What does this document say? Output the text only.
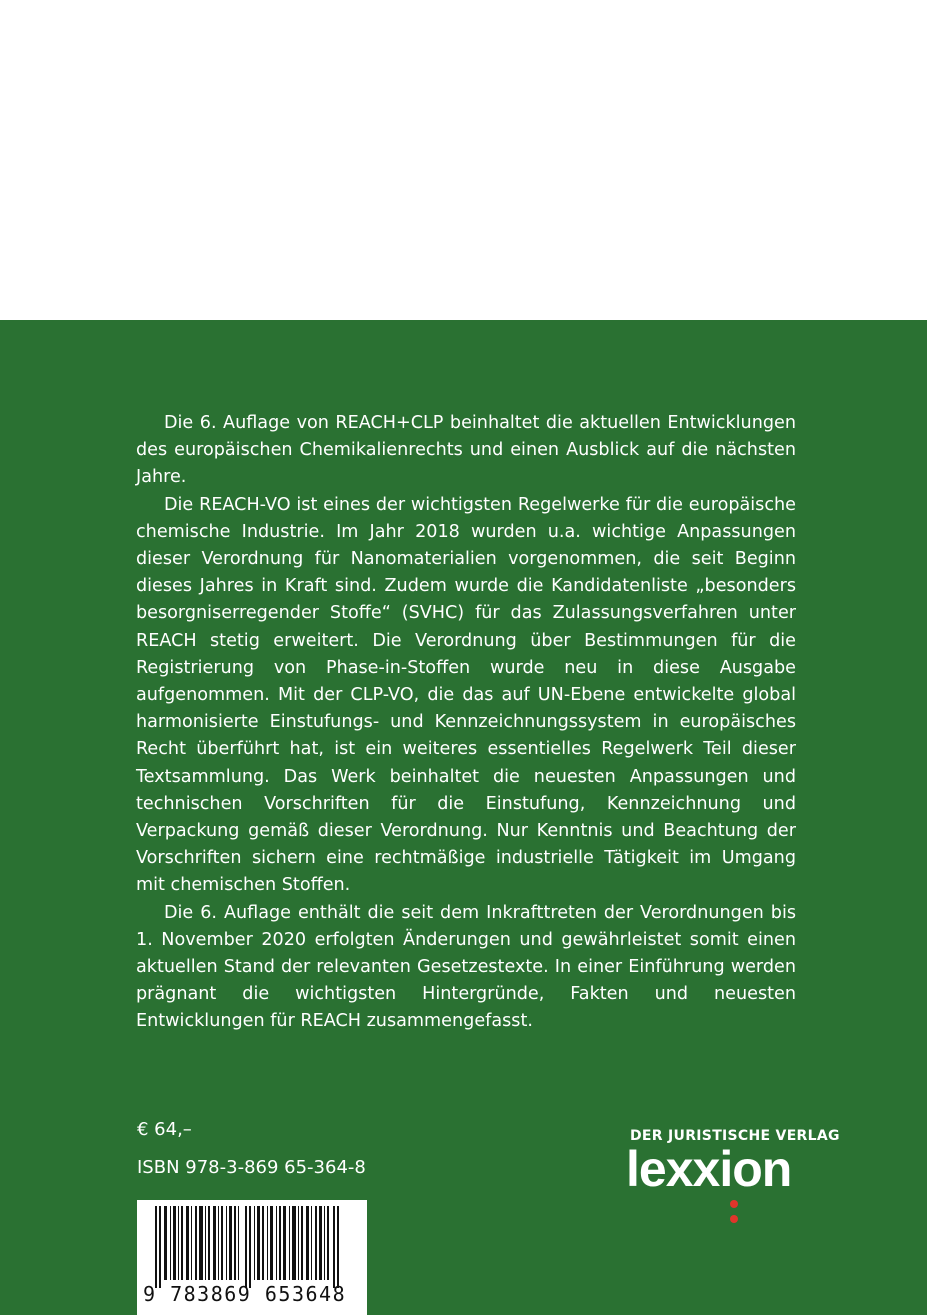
Die 6. Auflage von REACH+CLP beinhaltet die aktuellen Entwicklungen des europäischen Chemikalienrechts und einen Ausblick auf die nächsten Jahre.

Die REACH-VO ist eines der wichtigsten Regelwerke für die europäische chemische Industrie. Im Jahr 2018 wurden u.a. wichtige Anpassungen dieser Verordnung für Nanomaterialien vorgenommen, die seit Beginn dieses Jahres in Kraft sind. Zudem wurde die Kandidatenliste „besonders besorgniserregender Stoffe“ (SVHC) für das Zulassungsverfahren unter REACH stetig erweitert. Die Verordnung über Bestimmungen für die Registrierung von Phase-in-Stoffen wurde neu in diese Ausgabe aufgenommen. Mit der CLP-VO, die das auf UN-Ebene entwickelte global harmonisierte Einstufungs- und Kennzeichnungssystem in europäisches Recht überführt hat, ist ein weiteres essentielles Regelwerk Teil dieser Textsammlung. Das Werk beinhaltet die neuesten Anpassungen und technischen Vorschriften für die Einstufung, Kennzeichnung und Verpackung gemäß dieser Verordnung. Nur Kenntnis und Beachtung der Vorschriften sichern eine rechtmäßige industrielle Tätigkeit im Umgang mit chemischen Stoffen.

Die 6. Auflage enthält die seit dem Inkrafttreten der Verordnungen bis 1. November 2020 erfolgten Änderungen und gewährleistet somit einen aktuellen Stand der relevanten Gesetzestexte. In einer Einführung werden prägnant die wichtigsten Hintergründe, Fakten und neuesten Entwicklungen für REACH zusammengefasst.

€ 64,–
ISBN 978-3-869 65-364-8
9 783869 653648
DER JURISTISCHE VERLAG
lexxion
